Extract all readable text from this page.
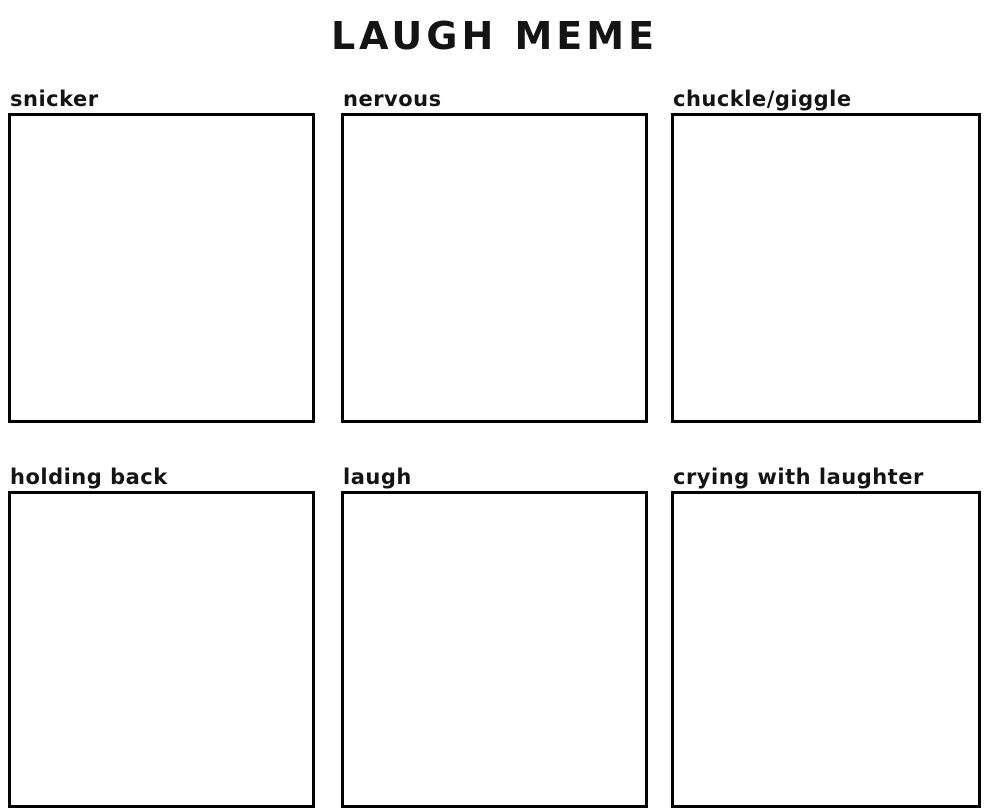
LAUGH MEME
snicker	nervous	chuckle/giggle
holding back	laugh	crying with laughter
